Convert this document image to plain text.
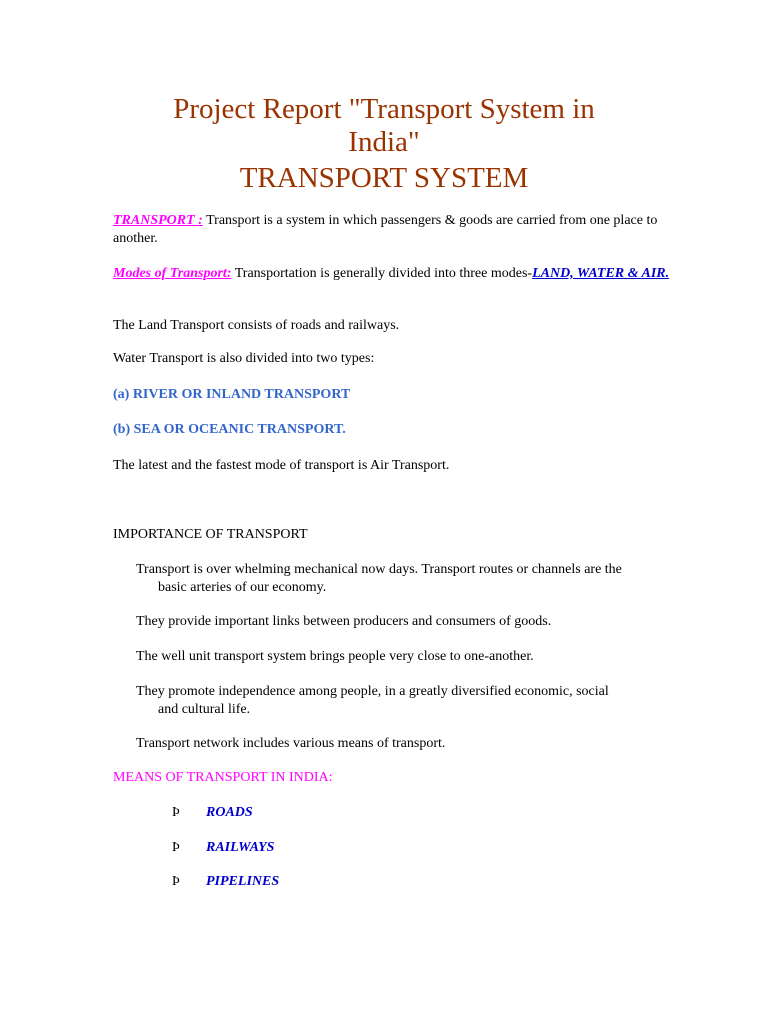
Project Report "Transport System in
India"
TRANSPORT SYSTEM

TRANSPORT : Transport is a system in which passengers & goods are carried from one place to another.

Modes of Transport: Transportation is generally divided into three modes-LAND, WATER & AIR.

The Land Transport consists of roads and railways.

Water Transport is also divided into two types:

(a) RIVER OR INLAND TRANSPORT

(b) SEA OR OCEANIC TRANSPORT.

The latest and the fastest mode of transport is Air Transport.

IMPORTANCE OF TRANSPORT

Transport is over whelming mechanical now days. Transport routes or channels are the
basic arteries of our economy.

They provide important links between producers and consumers of goods.

The well unit transport system brings people very close to one-another.

They promote independence among people, in a greatly diversified economic, social
and cultural life.

Transport network includes various means of transport.

MEANS OF TRANSPORT IN INDIA:

Þ ROADS
Þ RAILWAYS
Þ PIPELINES
